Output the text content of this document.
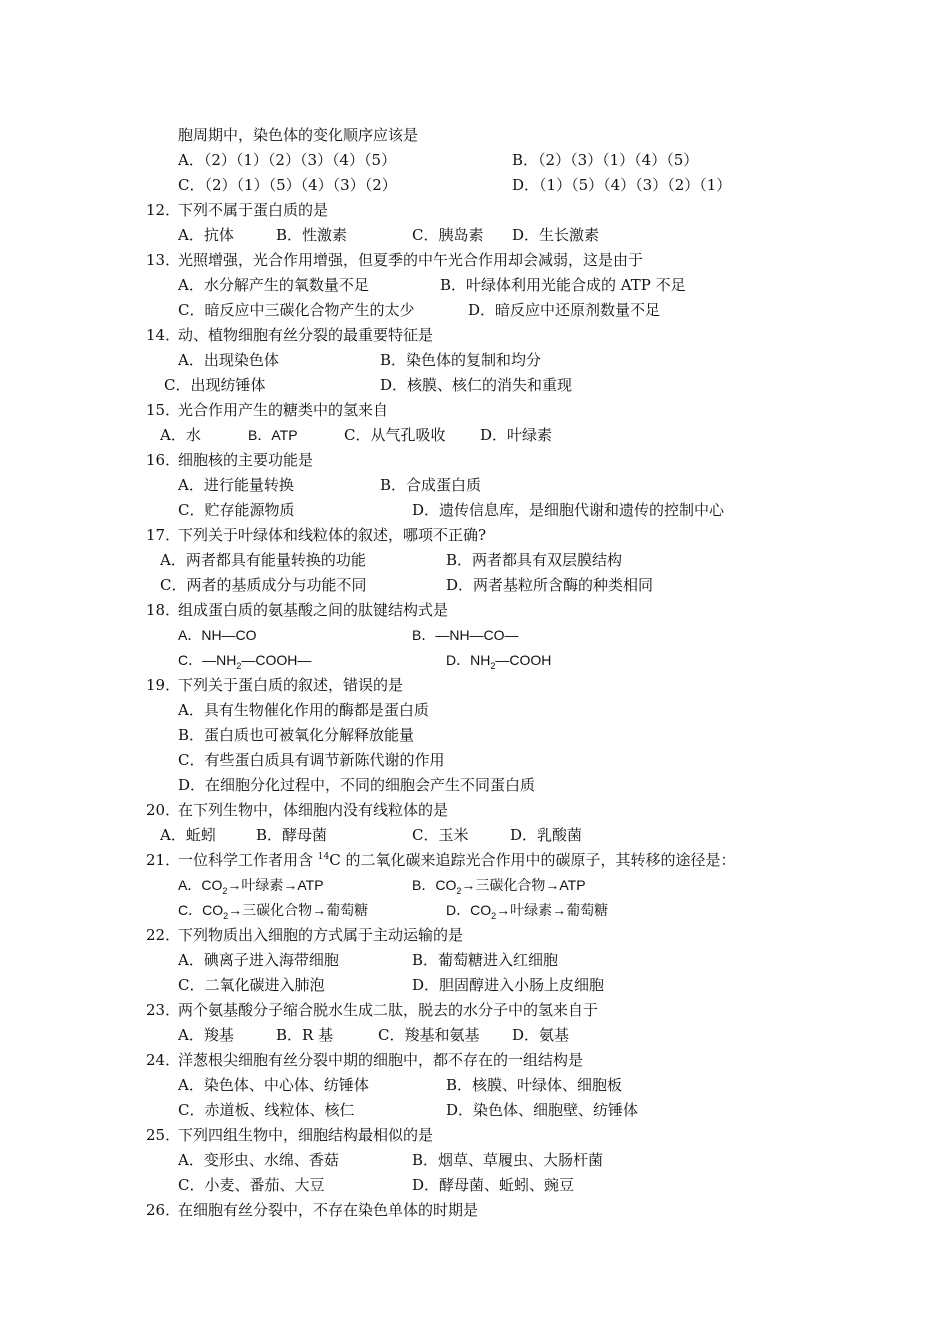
胞周期中，染色体的变化顺序应该是
A．（2）（1）（2）（3）（4）（5）	B．（2）（3）（1）（4）（5）
C．（2）（1）（5）（4）（3）（2）	D．（1）（5）（4）（3）（2）（1）
12．
下列不属于蛋白质的是
A．抗体	B．性激素	C．胰岛素 D．生长激素
13．
光照增强，光合作用增强，但夏季的中午光合作用却会减弱，这是由于
A．水分解产生的氧数量不足	B．叶绿体利用光能合成的 ATP 不足
C．暗反应中三碳化合物产生的太少	D．暗反应中还原剂数量不足
14．
动、植物细胞有丝分裂的最重要特征是
A．出现染色体	B．染色体的复制和均分
C．出现纺锤体	D．核膜、核仁的消失和重现
15．
光合作用产生的糖类中的氢来自
A．水	B．ATP	C．从气孔吸收 D．叶绿素
16．
细胞核的主要功能是
A．进行能量转换	B．合成蛋白质
C．贮存能源物质	D．遗传信息库，是细胞代谢和遗传的控制中心
17．
下列关于叶绿体和线粒体的叙述，哪项不正确?
A．两者都具有能量转换的功能	B．两者都具有双层膜结构
C．两者的基质成分与功能不同	D．两者基粒所含酶的种类相同
18．
组成蛋白质的氨基酸之间的肽键结构式是
A．NH—CO	B．—NH—CO—
C．$—NH_2—COOH—$	D．$NH_2—COOH$
19．
下列关于蛋白质的叙述，错误的是
A．具有生物催化作用的酶都是蛋白质
B．蛋白质也可被氧化分解释放能量
C．有些蛋白质具有调节新陈代谢的作用
D．在细胞分化过程中，不同的细胞会产生不同蛋白质
20．
在下列生物中，体细胞内没有线粒体的是
A．蚯蚓	B．酵母菌	C．玉米	D．乳酸菌
21．
一位科学工作者用含 $^{14}$C 的二氧化碳来追踪光合作用中的碳原子，其转移的途径是：
A．$CO_2\to$叶绿素→ATP	B．$CO_2\to$三碳化合物→ATP
C．$CO_2\to$三碳化合物→葡萄糖	D．$CO_2\to$叶绿素→葡萄糖
22．
下列物质出入细胞的方式属于主动运输的是
A．碘离子进入海带细胞	B．葡萄糖进入红细胞
C．二氧化碳进入肺泡	D．胆固醇进入小肠上皮细胞
23．
两个氨基酸分子缩合脱水生成二肽，脱去的水分子中的氢来自于
A．羧基	B．R 基	C．羧基和氨基 D．氨基
24．
洋葱根尖细胞有丝分裂中期的细胞中，都不存在的一组结构是
A．染色体、中心体、纺锤体	B．核膜、叶绿体、细胞板
C．赤道板、线粒体、核仁	D．染色体、细胞壁、纺锤体
25．
下列四组生物中，细胞结构最相似的是
A．变形虫、水绵、香菇	B．烟草、草履虫、大肠杆菌
C．小麦、番茄、大豆	D．酵母菌、蚯蚓、豌豆
26．
在细胞有丝分裂中，不存在染色单体的时期是
